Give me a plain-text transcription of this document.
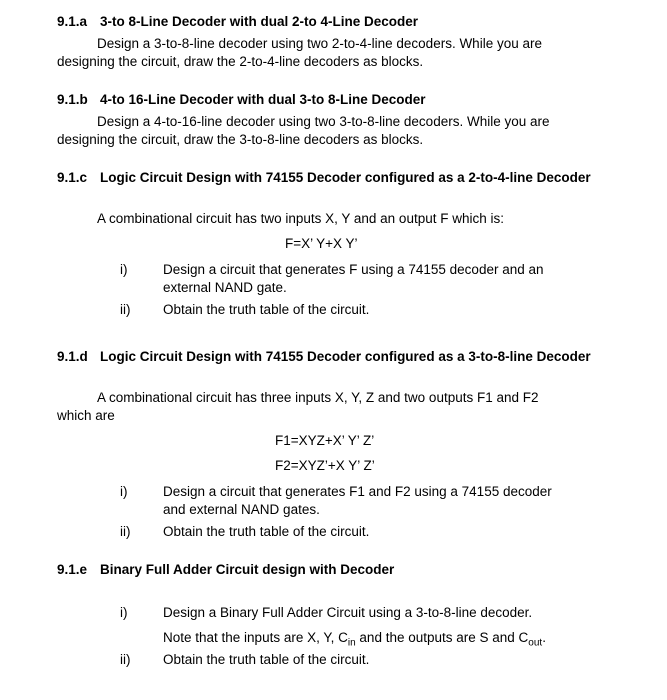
9.1.a 3-to 8-Line Decoder with dual 2-to 4-Line Decoder
Design a 3-to-8-line decoder using two 2-to-4-line decoders. While you are designing the circuit, draw the 2-to-4-line decoders as blocks.
9.1.b 4-to 16-Line Decoder with dual 3-to 8-Line Decoder
Design a 4-to-16-line decoder using two 3-to-8-line decoders. While you are designing the circuit, draw the 3-to-8-line decoders as blocks.
9.1.c Logic Circuit Design with 74155 Decoder configured as a 2-to-4-line Decoder
A combinational circuit has two inputs X, Y and an output F which is:
F=X’ Y+X Y’
i)	Design a circuit that generates F using a 74155 decoder and an external NAND gate.
ii)	Obtain the truth table of the circuit.
9.1.d Logic Circuit Design with 74155 Decoder configured as a 3-to-8-line Decoder
A combinational circuit has three inputs X, Y, Z and two outputs F1 and F2 which are
F1=XYZ+X’ Y’ Z’
F2=XYZ’+X Y’ Z’
i)	Design a circuit that generates F1 and F2 using a 74155 decoder and external NAND gates.
ii)	Obtain the truth table of the circuit.
9.1.e Binary Full Adder Circuit design with Decoder
i)	Design a Binary Full Adder Circuit using a 3-to-8-line decoder.
Note that the inputs are X, Y, $C_{in}$ and the outputs are S and $C_{out}$.
ii)	Obtain the truth table of the circuit.
